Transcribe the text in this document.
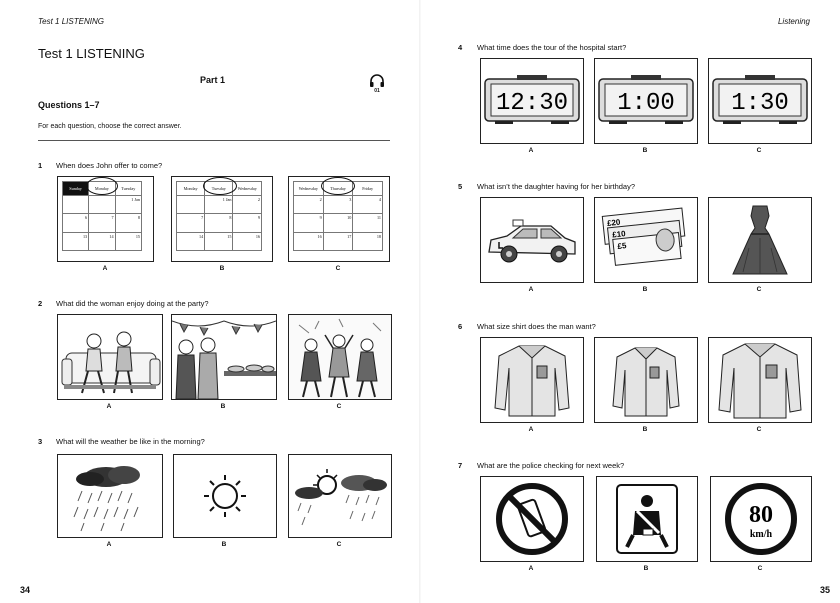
Test 1 LISTENING
Test 1 LISTENING
Part 1
01
Questions 1–7
For each question, choose the correct answer.
1 When does John offer to come?
Sunday	Monday	Tuesday
		1 Jan
6	7	8
13	14	15
A
Monday	Tuesday	Wednesday
	1 Jan	2
7	8	9
14	15	16
B
Wednesday	Thursday	Friday
2	3	4
9	10	11
16	17	18
C
2 What did the woman enjoy doing at the party?
A	B	C
3 What will the weather be like in the morning?
A	B	C
34
Listening
4 What time does the tour of the hospital start?
12:30
A
1:00
B
1:30
C
5 What isn’t the daughter having for her birthday?
A
£20
£10
£5
B	C
6 What size shirt does the man want?
A	B	C
7 What are the police checking for next week?
A	B
80
km/h
C
35
